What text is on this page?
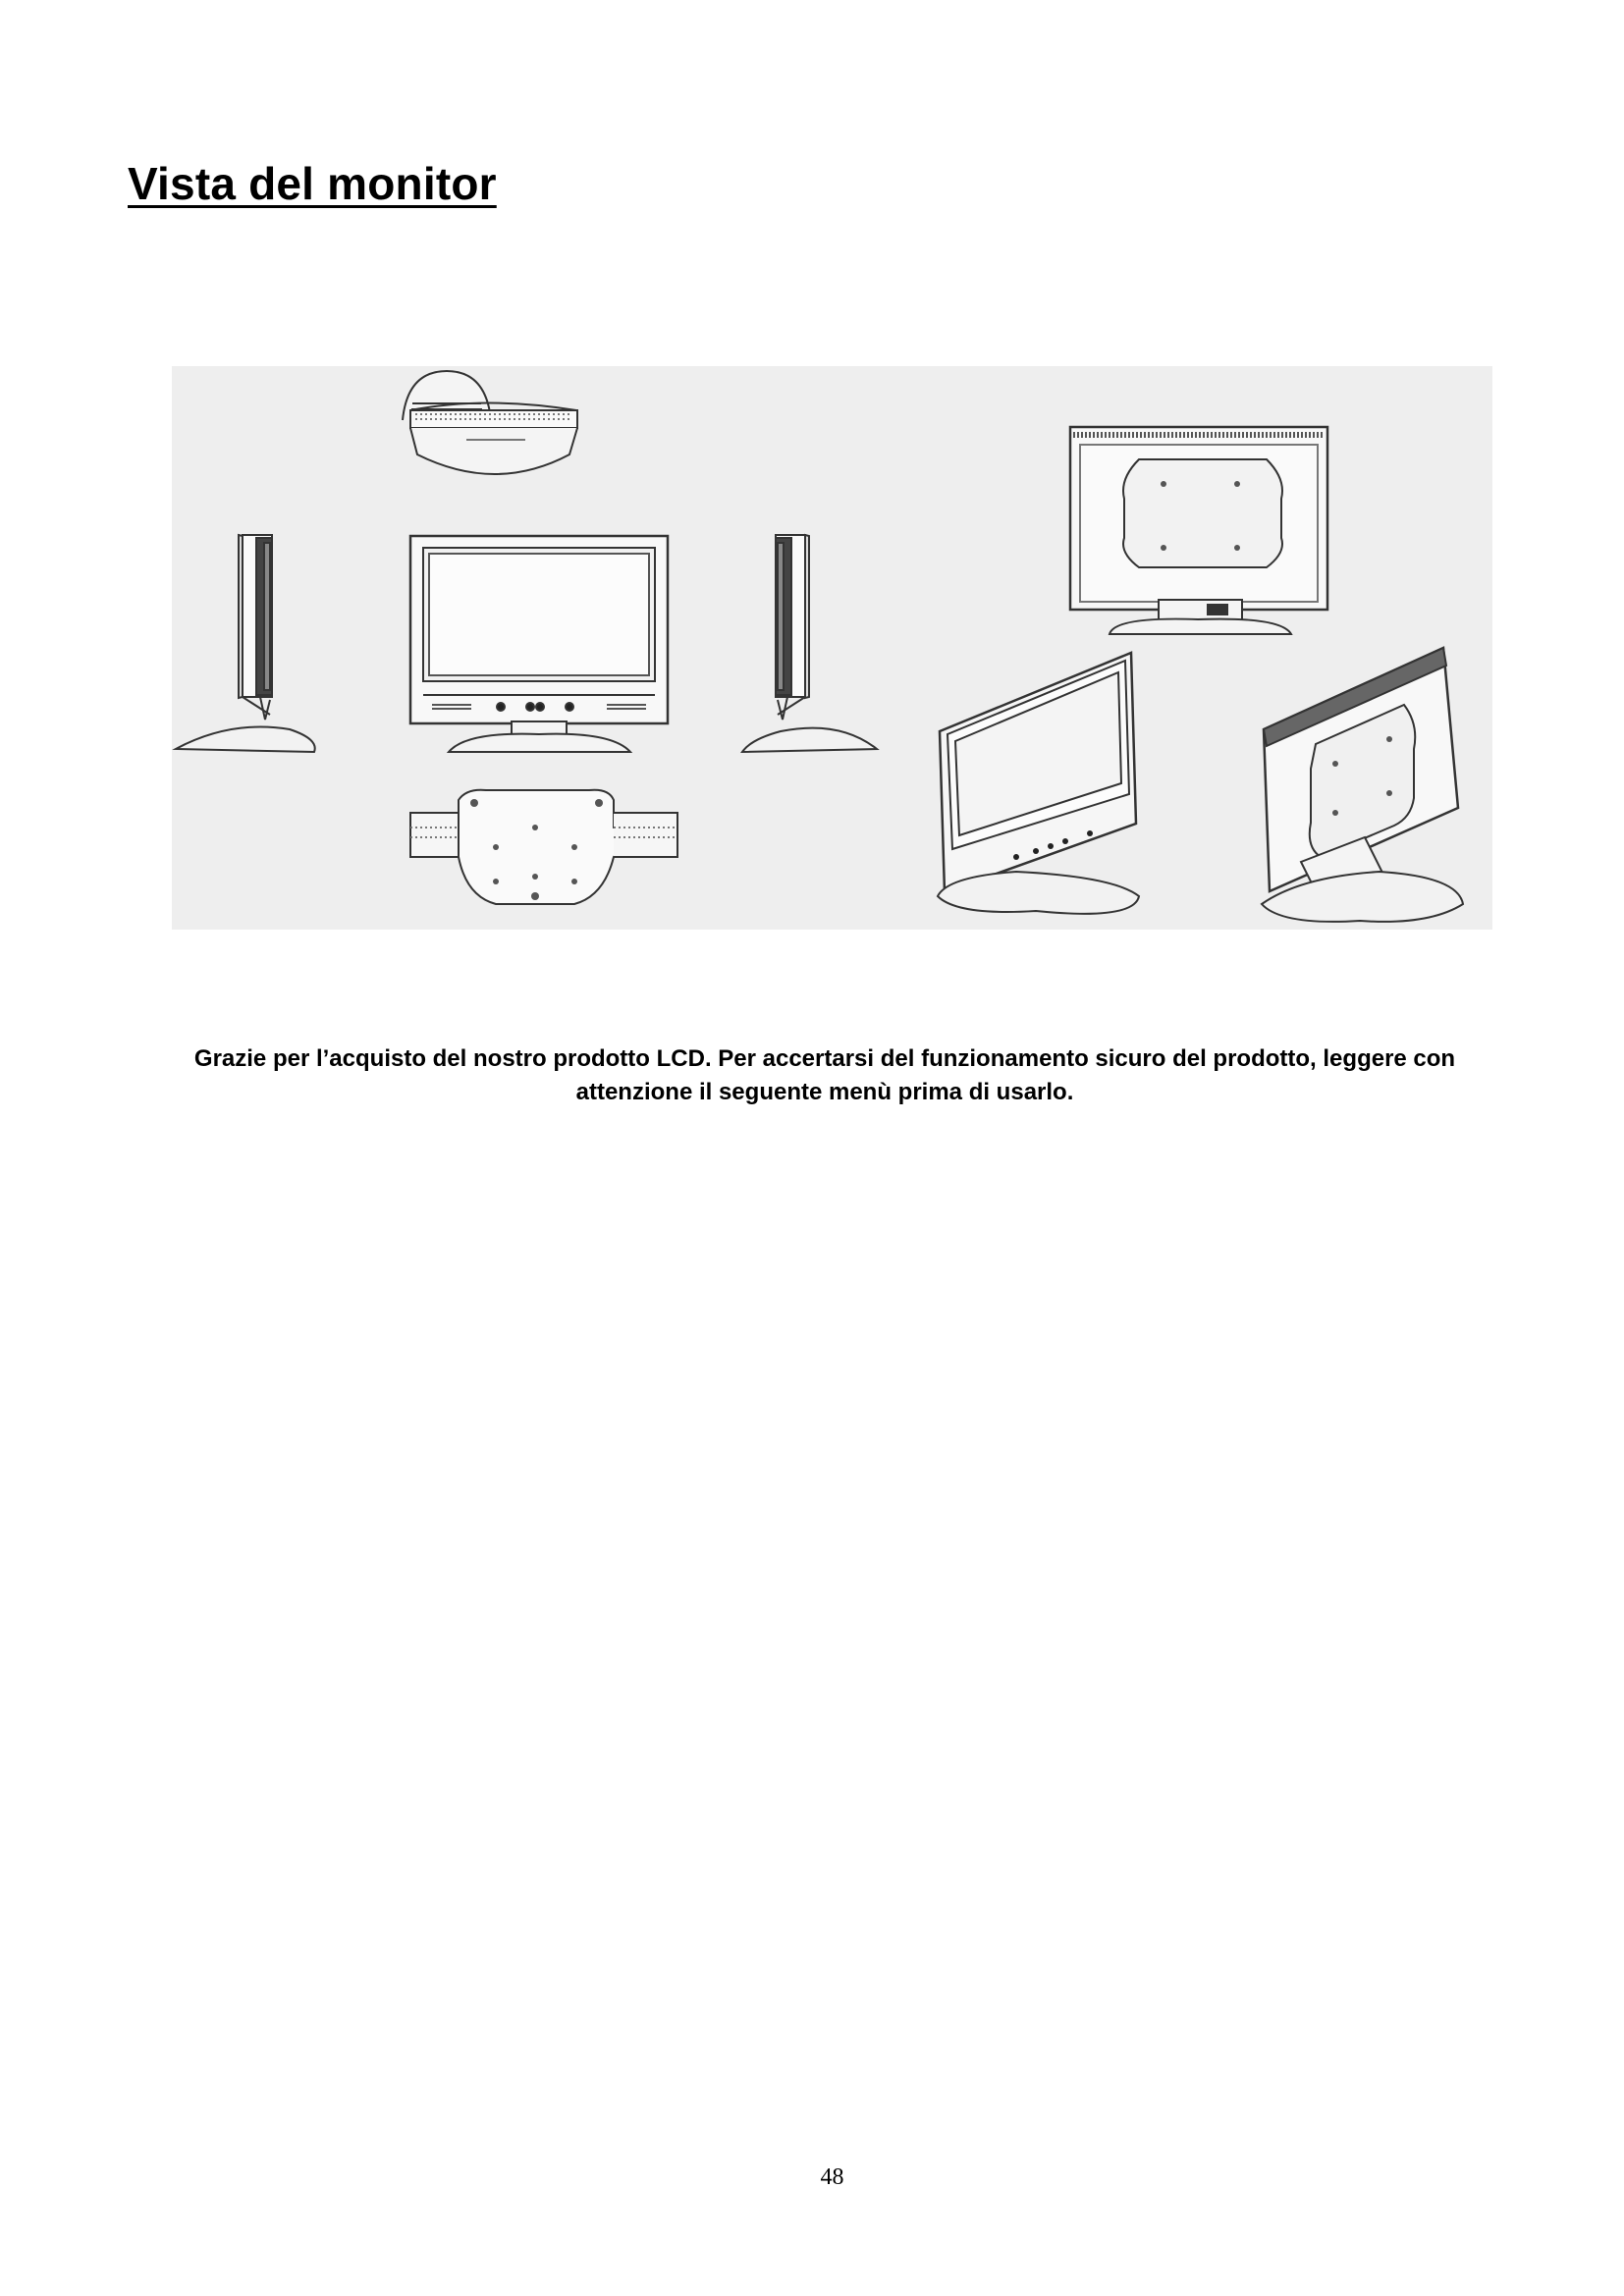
Vista del monitor

Grazie per l’acquisto del nostro prodotto LCD. Per accertarsi del funzionamento sicuro del prodotto, leggere con attenzione il seguente menù prima di usarlo.

48
